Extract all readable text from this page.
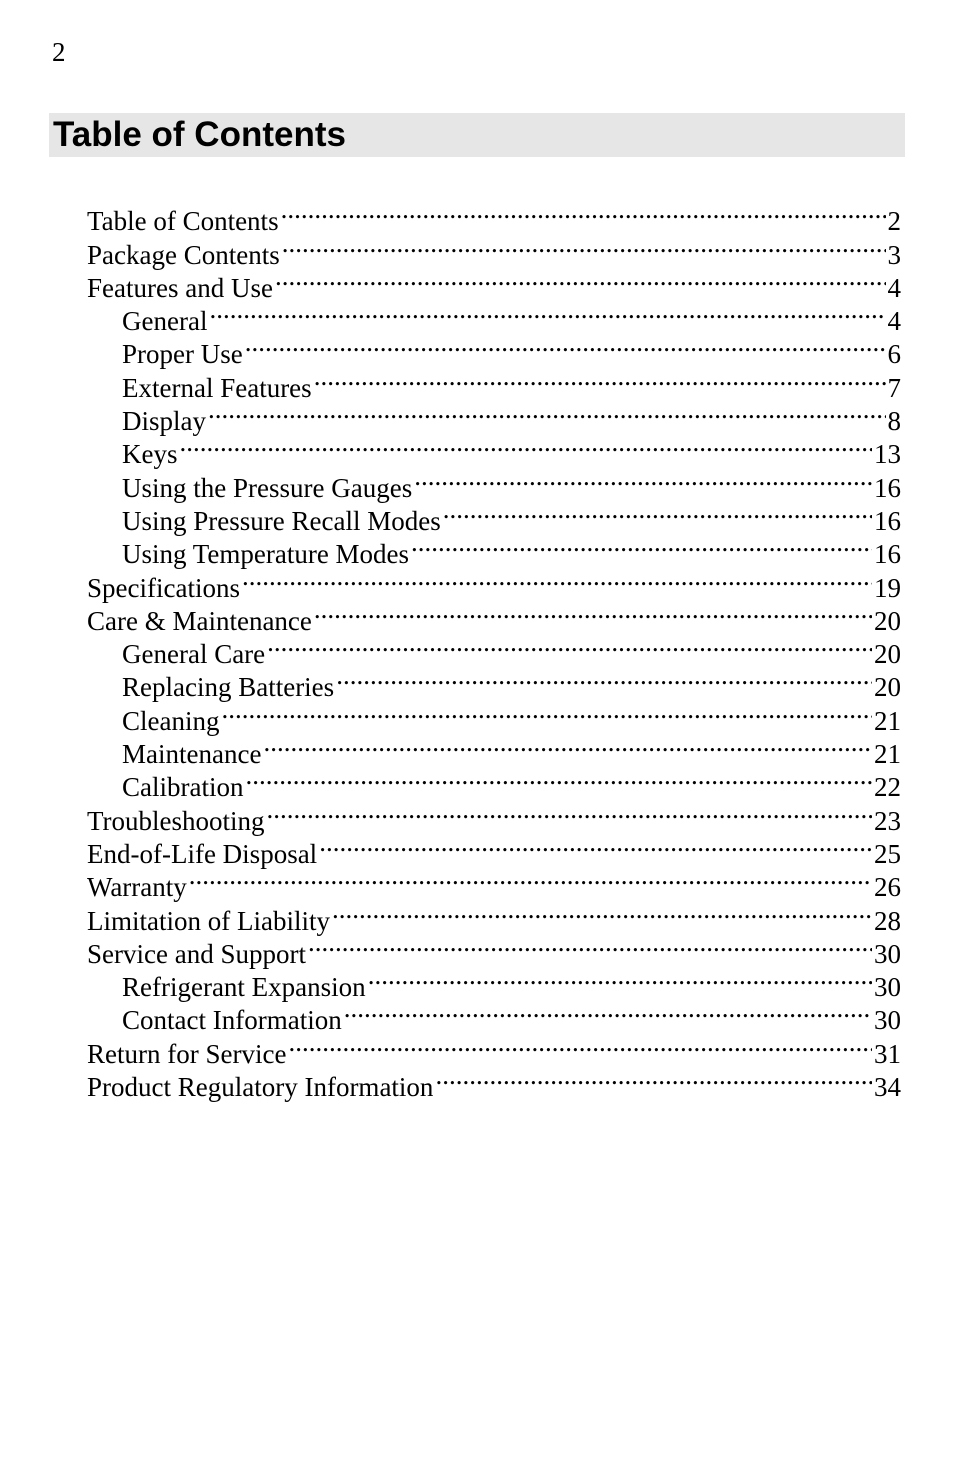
2
Table of Contents
Table of Contents .....	2
Package Contents .....	3
Features and Use .....	4
General .....	4
Proper Use .....	6
External Features .....	7
Display .....	8
Keys .....	13
Using the Pressure Gauges .....	16
Using Pressure Recall Modes .....	16
Using Temperature Modes .....	16
Specifications .....	19
Care & Maintenance .....	20
General Care .....	20
Replacing Batteries .....	20
Cleaning .....	21
Maintenance .....	21
Calibration .....	22
Troubleshooting .....	23
End-of-Life Disposal .....	25
Warranty .....	26
Limitation of Liability .....	28
Service and Support .....	30
Refrigerant Expansion .....	30
Contact Information .....	30
Return for Service .....	31
Product Regulatory Information .....	34
